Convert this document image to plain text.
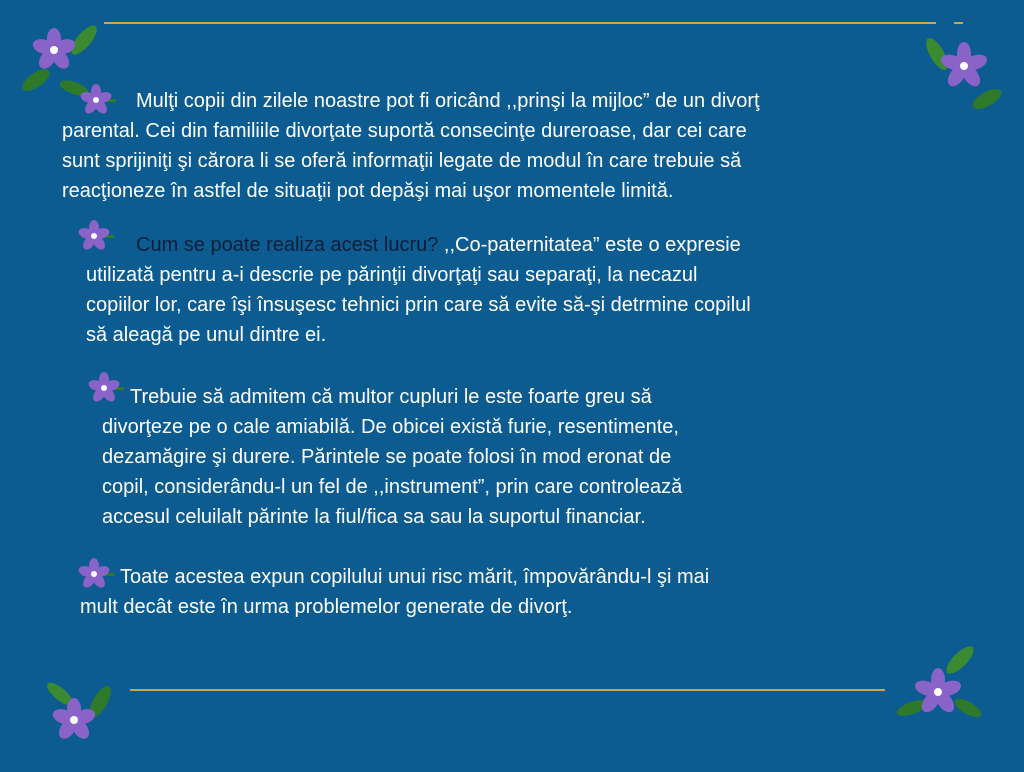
Mulţi copii din zilele noastre pot fi oricând ,,prinşi la mijloc” de un divorţ

parental. Cei din familiile divorţate suportă consecinţe dureroase, dar cei care

sunt sprijiniţi şi cărora li se oferă informaţii legate de modul în care trebuie să

reacţioneze în astfel de situaţii pot depăşi mai uşor momentele limită.

Cum se poate realiza acest lucru? ,,Co-paternitatea” este o expresie

utilizată pentru a-i descrie pe părinţii divorţaţi sau separaţi, la necazul

copiilor lor, care îşi însuşesc tehnici prin care să evite să-şi detrmine copilul

să aleagă pe unul dintre ei.

Trebuie să admitem că multor cupluri le este foarte greu să

divorţeze pe o cale amiabilă. De obicei există furie, resentimente,

dezamăgire şi durere. Părintele se poate folosi în mod eronat de

copil, considerându-l un fel de ,,instrument”, prin care controlează

accesul celuilalt părinte la fiul/fica sa sau la suportul financiar.

Toate acestea expun copilului unui risc mărit, împovărându-l şi mai

mult decât este în urma problemelor generate de divorţ.
